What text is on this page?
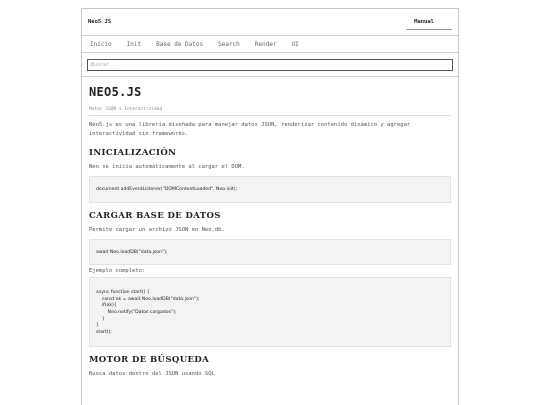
Neo5 JS	Manual
Inicio	Init	Base de Datos	Search	Render	UI
Buscar...
NEO5.JS
Motor JSON + Interactividad

Neo5.js es una librería diseñada para manejar datos JSON, renderizar contenido dinámico y agregar interactividad sin frameworks.

INICIALIZACIÓN

Neo se inicia automáticamente al cargar el DOM.

document.addEventListener("DOMContentLoaded", Neo.init);
CARGAR BASE DE DATOS

Permite cargar un archivo JSON en Neo.db.

await Neo.loadDB("data.json");

Ejemplo completo:

async function start() {
const ok = await Neo.loadDB("data.json");
if(ok){
Neo.notify("Datos cargados");
}
}
start();
MOTOR DE BÚSQUEDA

Busca datos dentro del JSON usando SQL
